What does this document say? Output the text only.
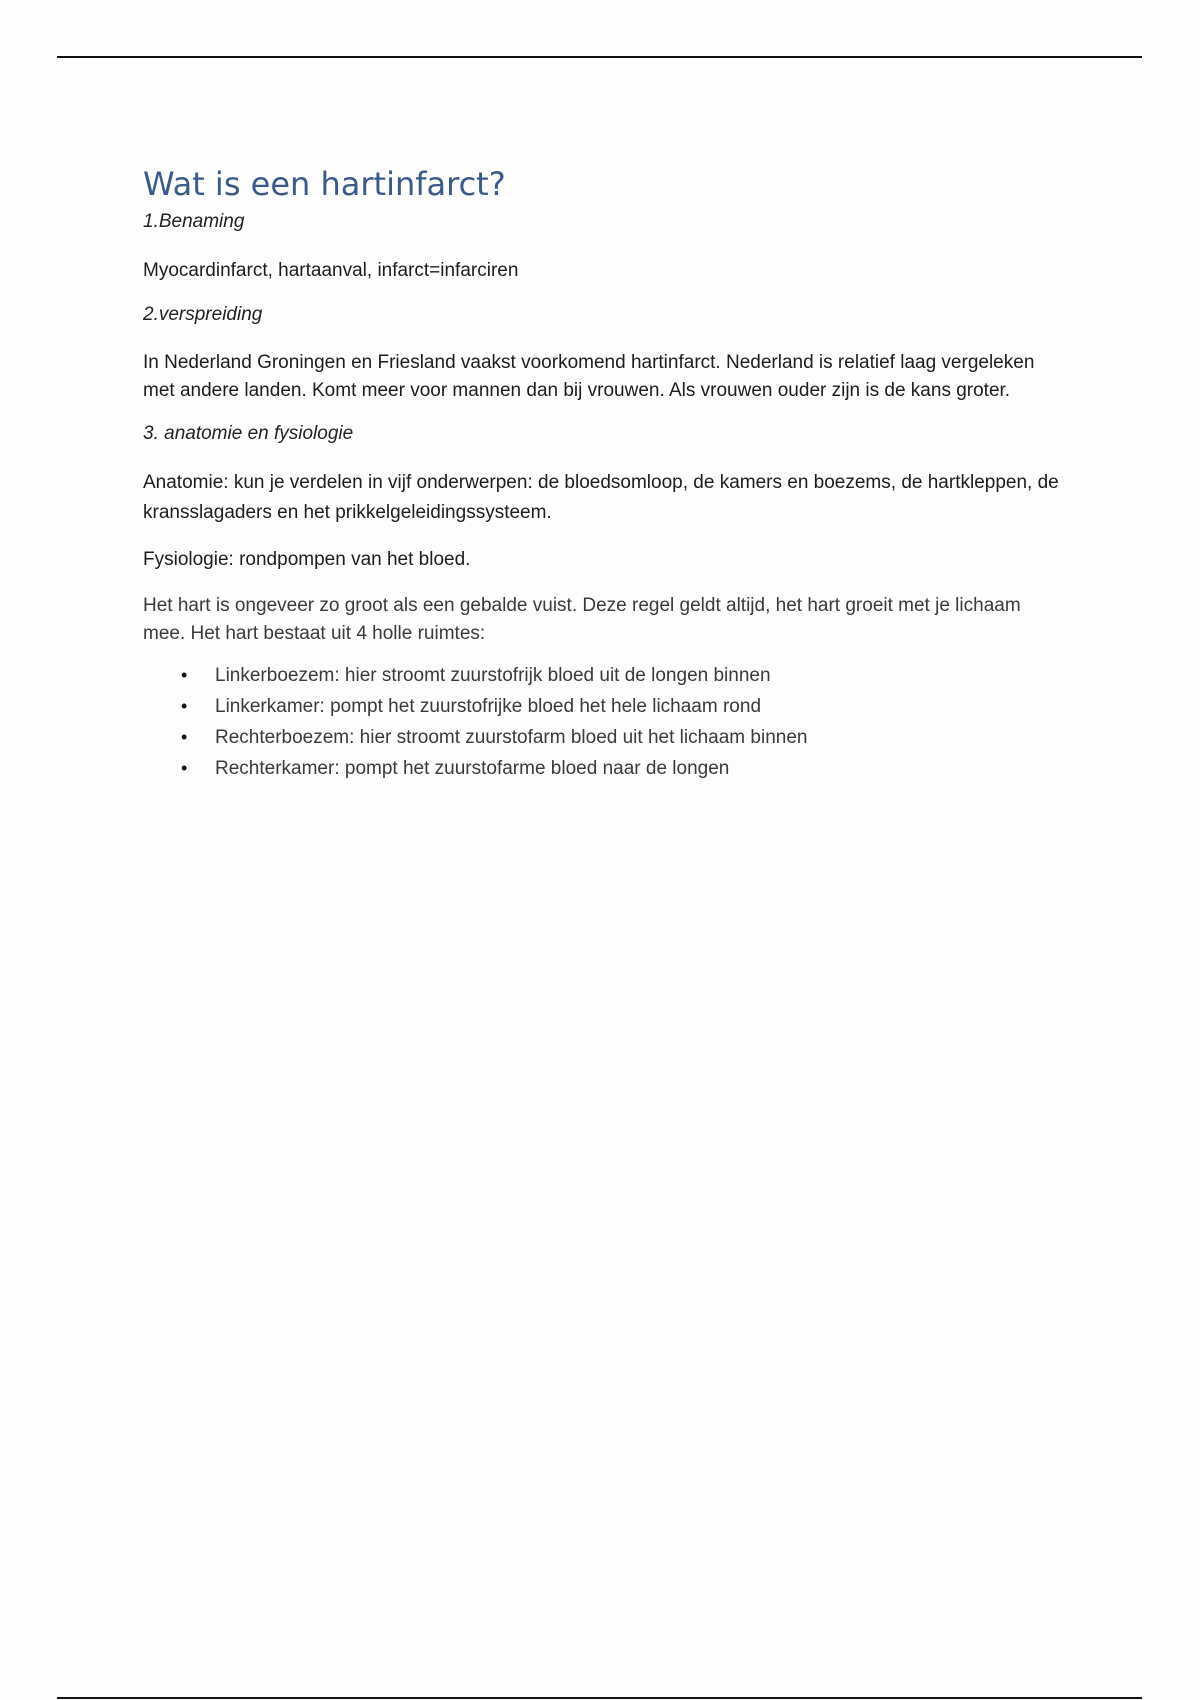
Wat is een hartinfarct?

1.Benaming

Myocardinfarct, hartaanval, infarct=infarciren

2.verspreiding

In Nederland Groningen en Friesland vaakst voorkomend hartinfarct. Nederland is relatief laag vergeleken met andere landen. Komt meer voor mannen dan bij vrouwen. Als vrouwen ouder zijn is de kans groter.

3. anatomie en fysiologie

Anatomie: kun je verdelen in vijf onderwerpen: de bloedsomloop, de kamers en boezems, de hartkleppen, de kransslagaders en het prikkelgeleidingssysteem.

Fysiologie: rondpompen van het bloed.

Het hart is ongeveer zo groot als een gebalde vuist. Deze regel geldt altijd, het hart groeit met je lichaam mee. Het hart bestaat uit 4 holle ruimtes:

• Linkerboezem: hier stroomt zuurstofrijk bloed uit de longen binnen
• Linkerkamer: pompt het zuurstofrijke bloed het hele lichaam rond
• Rechterboezem: hier stroomt zuurstofarm bloed uit het lichaam binnen
• Rechterkamer: pompt het zuurstofarme bloed naar de longen
